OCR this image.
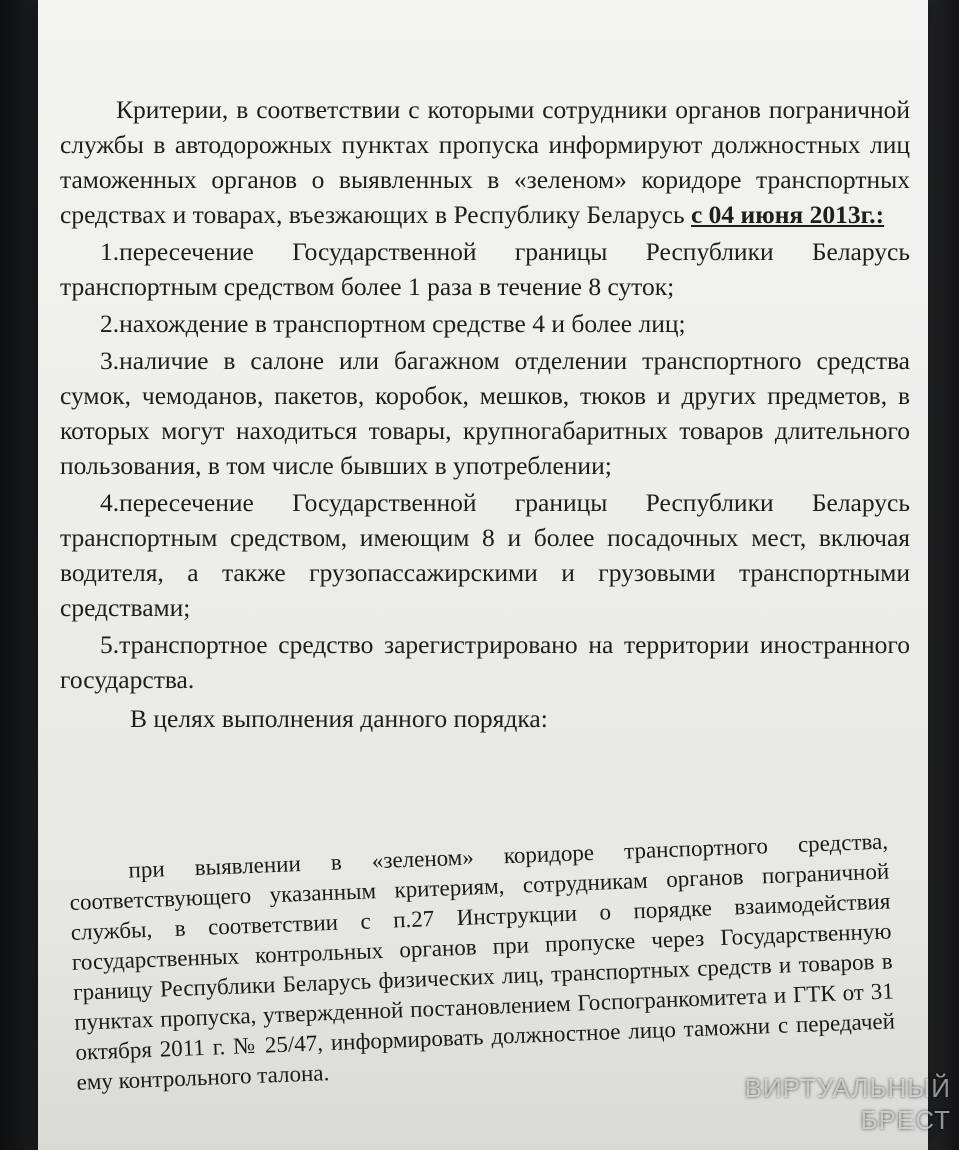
Критерии, в соответствии с которыми сотрудники органов пограничной службы в автодорожных пунктах пропуска информируют должностных лиц таможенных органов о выявленных в «зеленом» коридоре транспортных средствах и товарах, въезжающих в Республику Беларусь с 04 июня 2013г.:

1.пересечение Государственной границы Республики Беларусь транспортным средством более 1 раза в течение 8 суток;

2.нахождение в транспортном средстве 4 и более лиц;

3.наличие в салоне или багажном отделении транспортного средства сумок, чемоданов, пакетов, коробок, мешков, тюков и других предметов, в которых могут находиться товары, крупногабаритных товаров длительного пользования, в том числе бывших в употреблении;

4.пересечение Государственной границы Республики Беларусь транспортным средством, имеющим 8 и более посадочных мест, включая водителя, а также грузопассажирскими и грузовыми транспортными средствами;

5.транспортное средство зарегистрировано на территории иностранного государства.

В целях выполнения данного порядка:

при выявлении в «зеленом» коридоре транспортного средства, соответствующего указанным критериям, сотрудникам органов пограничной службы, в соответствии с п.27 Инструкции о порядке взаимодействия государственных контрольных органов при пропуске через Государственную границу Республики Беларусь физических лиц, транспортных средств и товаров в пунктах пропуска, утвержденной постановлением Госпогранкомитета и ГТК от 31 октября 2011 г. № 25/47, информировать должностное лицо таможни с передачей ему контрольного талона.	ВИРТУАЛЬНЫЙ
БРЕСТ
